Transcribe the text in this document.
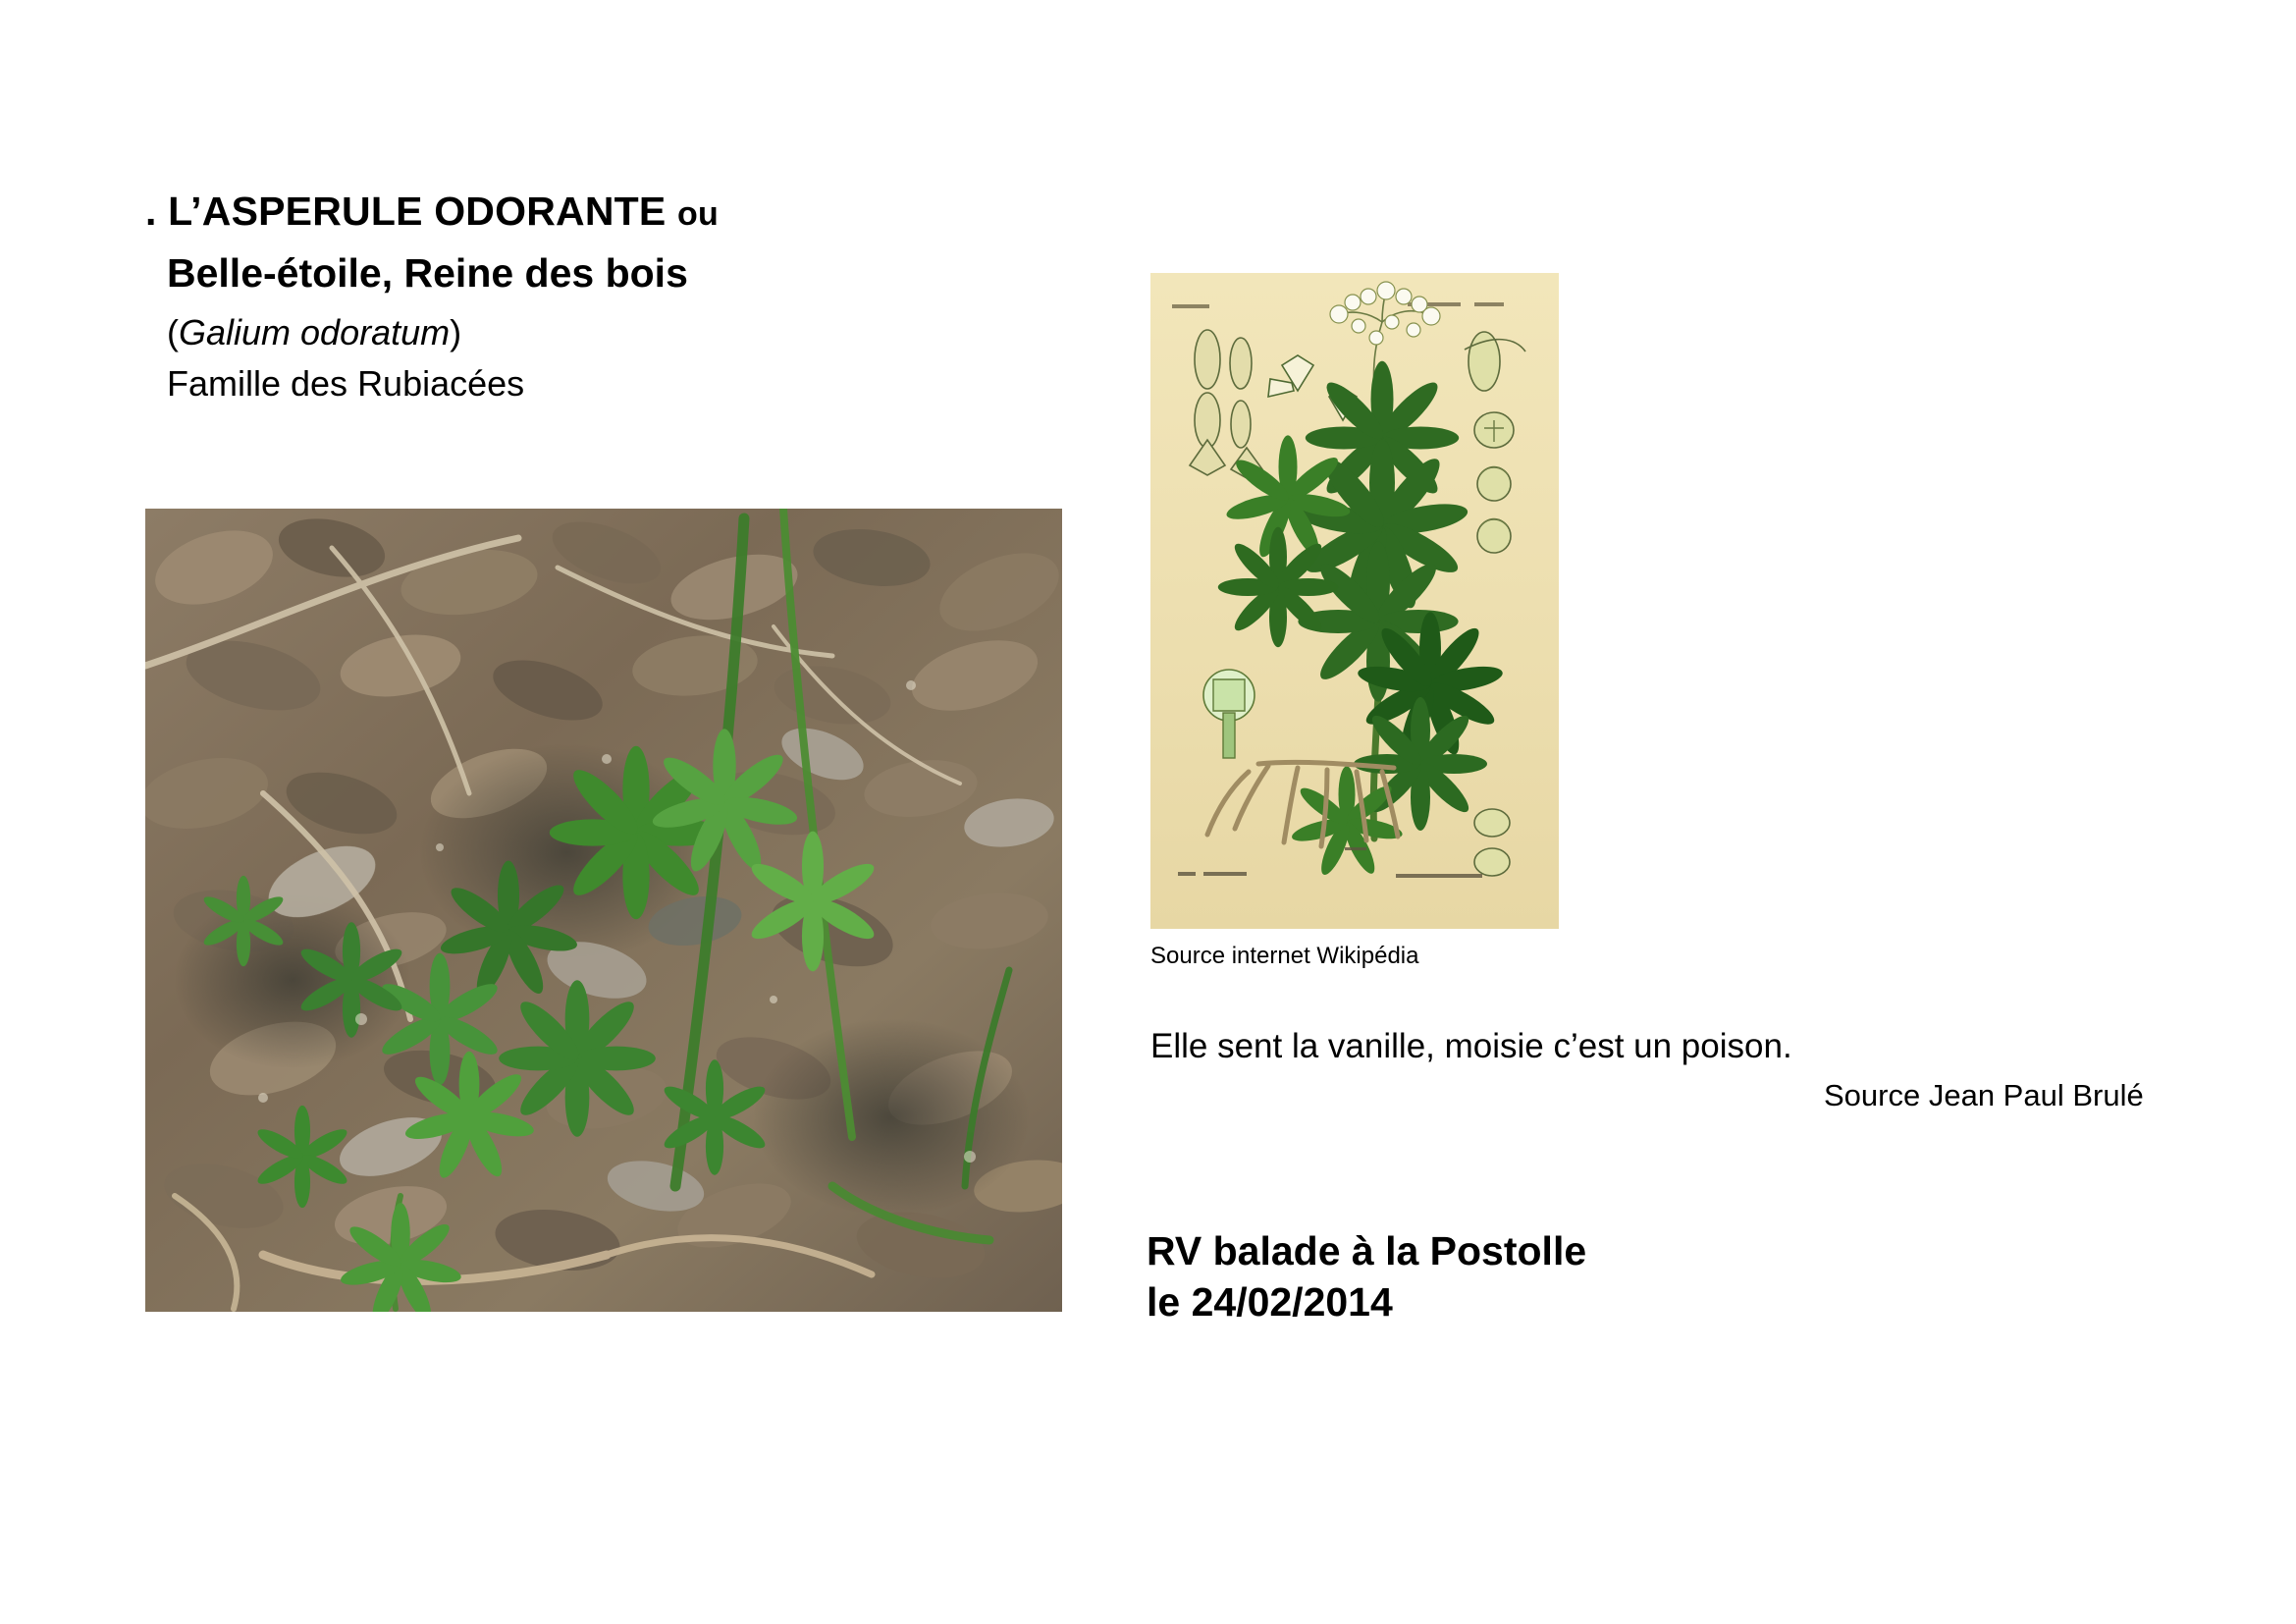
. L’ASPERULE ODORANTE ou
Belle-étoile, Reine des bois
(Galium odoratum)
Famille des Rubiacées
Source internet Wikipédia
Elle sent la vanille, moisie c’est un poison.
Source Jean Paul Brulé
RV balade à la Postolle
le 24/02/2014
